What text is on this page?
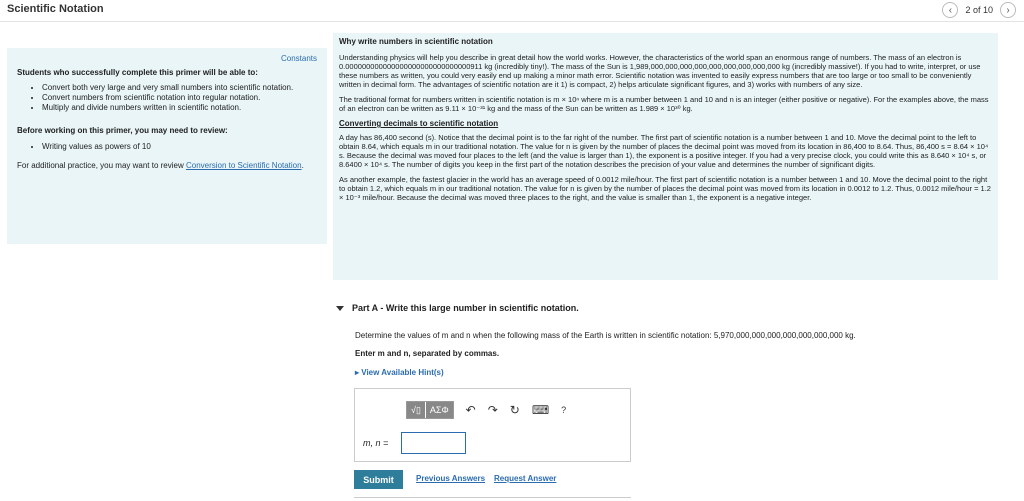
Scientific Notation	‹	2 of 10	›
Constants
Students who successfully complete this primer will be able to:
• Convert both very large and very small numbers into scientific notation.
• Convert numbers from scientific notation into regular notation.
• Multiply and divide numbers written in scientific notation.
Before working on this primer, you may need to review:
• Writing values as powers of 10
For additional practice, you may want to review Conversion to Scientific Notation.
Why write numbers in scientific notation
Understanding physics will help you describe in great detail how the world works. However, the characteristics of the world span an enormous range of numbers. The mass of an electron is 0.000000000000000000000000000000911 kg (incredibly tiny!). The mass of the Sun is 1,989,000,000,000,000,000,000,000,000,000 kg (incredibly massive!). If you had to write, interpret, or use these numbers as written, you could very easily end up making a minor math error. Scientific notation was invented to easily express numbers that are too large or too small to be conveniently written in decimal form. The advantages of scientific notation are it 1) is compact, 2) helps articulate significant figures, and 3) works with numbers of any size.
The traditional format for numbers written in scientific notation is m × 10ⁿ where m is a number between 1 and 10 and n is an integer (either positive or negative). For the examples above, the mass of an electron can be written as 9.11 × 10⁻³¹ kg and the mass of the Sun can be written as 1.989 × 10³⁰ kg.
Converting decimals to scientific notation
A day has 86,400 second (s). Notice that the decimal point is to the far right of the number. The first part of scientific notation is a number between 1 and 10. Move the decimal point to the left to obtain 8.64, which equals m in our traditional notation. The value for n is given by the number of places the decimal point was moved from its location in 86,400 to 8.64. Thus, 86,400 s = 8.64 × 10⁴ s. Because the decimal was moved four places to the left (and the value is larger than 1), the exponent is a positive integer. If you had a very precise clock, you could write this as 8.640 × 10⁴ s, or 8.6400 × 10⁴ s. The number of digits you keep in the first part of the notation describes the precision of your value and determines the number of significant digits.
As another example, the fastest glacier in the world has an average speed of 0.0012 mile/hour. The first part of scientific notation is a number between 1 and 10. Move the decimal point to the right to obtain 1.2, which equals m in our traditional notation. The value for n is given by the number of places the decimal point was moved from its location in 0.0012 to 1.2. Thus, 0.0012 mile/hour = 1.2 × 10⁻³ mile/hour. Because the decimal was moved three places to the right, and the value is smaller than 1, the exponent is a negative integer.
Part A - Write this large number in scientific notation.
Determine the values of m and n when the following mass of the Earth is written in scientific notation: 5,970,000,000,000,000,000,000,000 kg.
Enter m and n, separated by commas.
▸ View Available Hint(s)
√▯	ΑΣΦ	↶ ↷ ↻ ⌨ ?
m, n =
Submit	Previous Answers Request Answer
